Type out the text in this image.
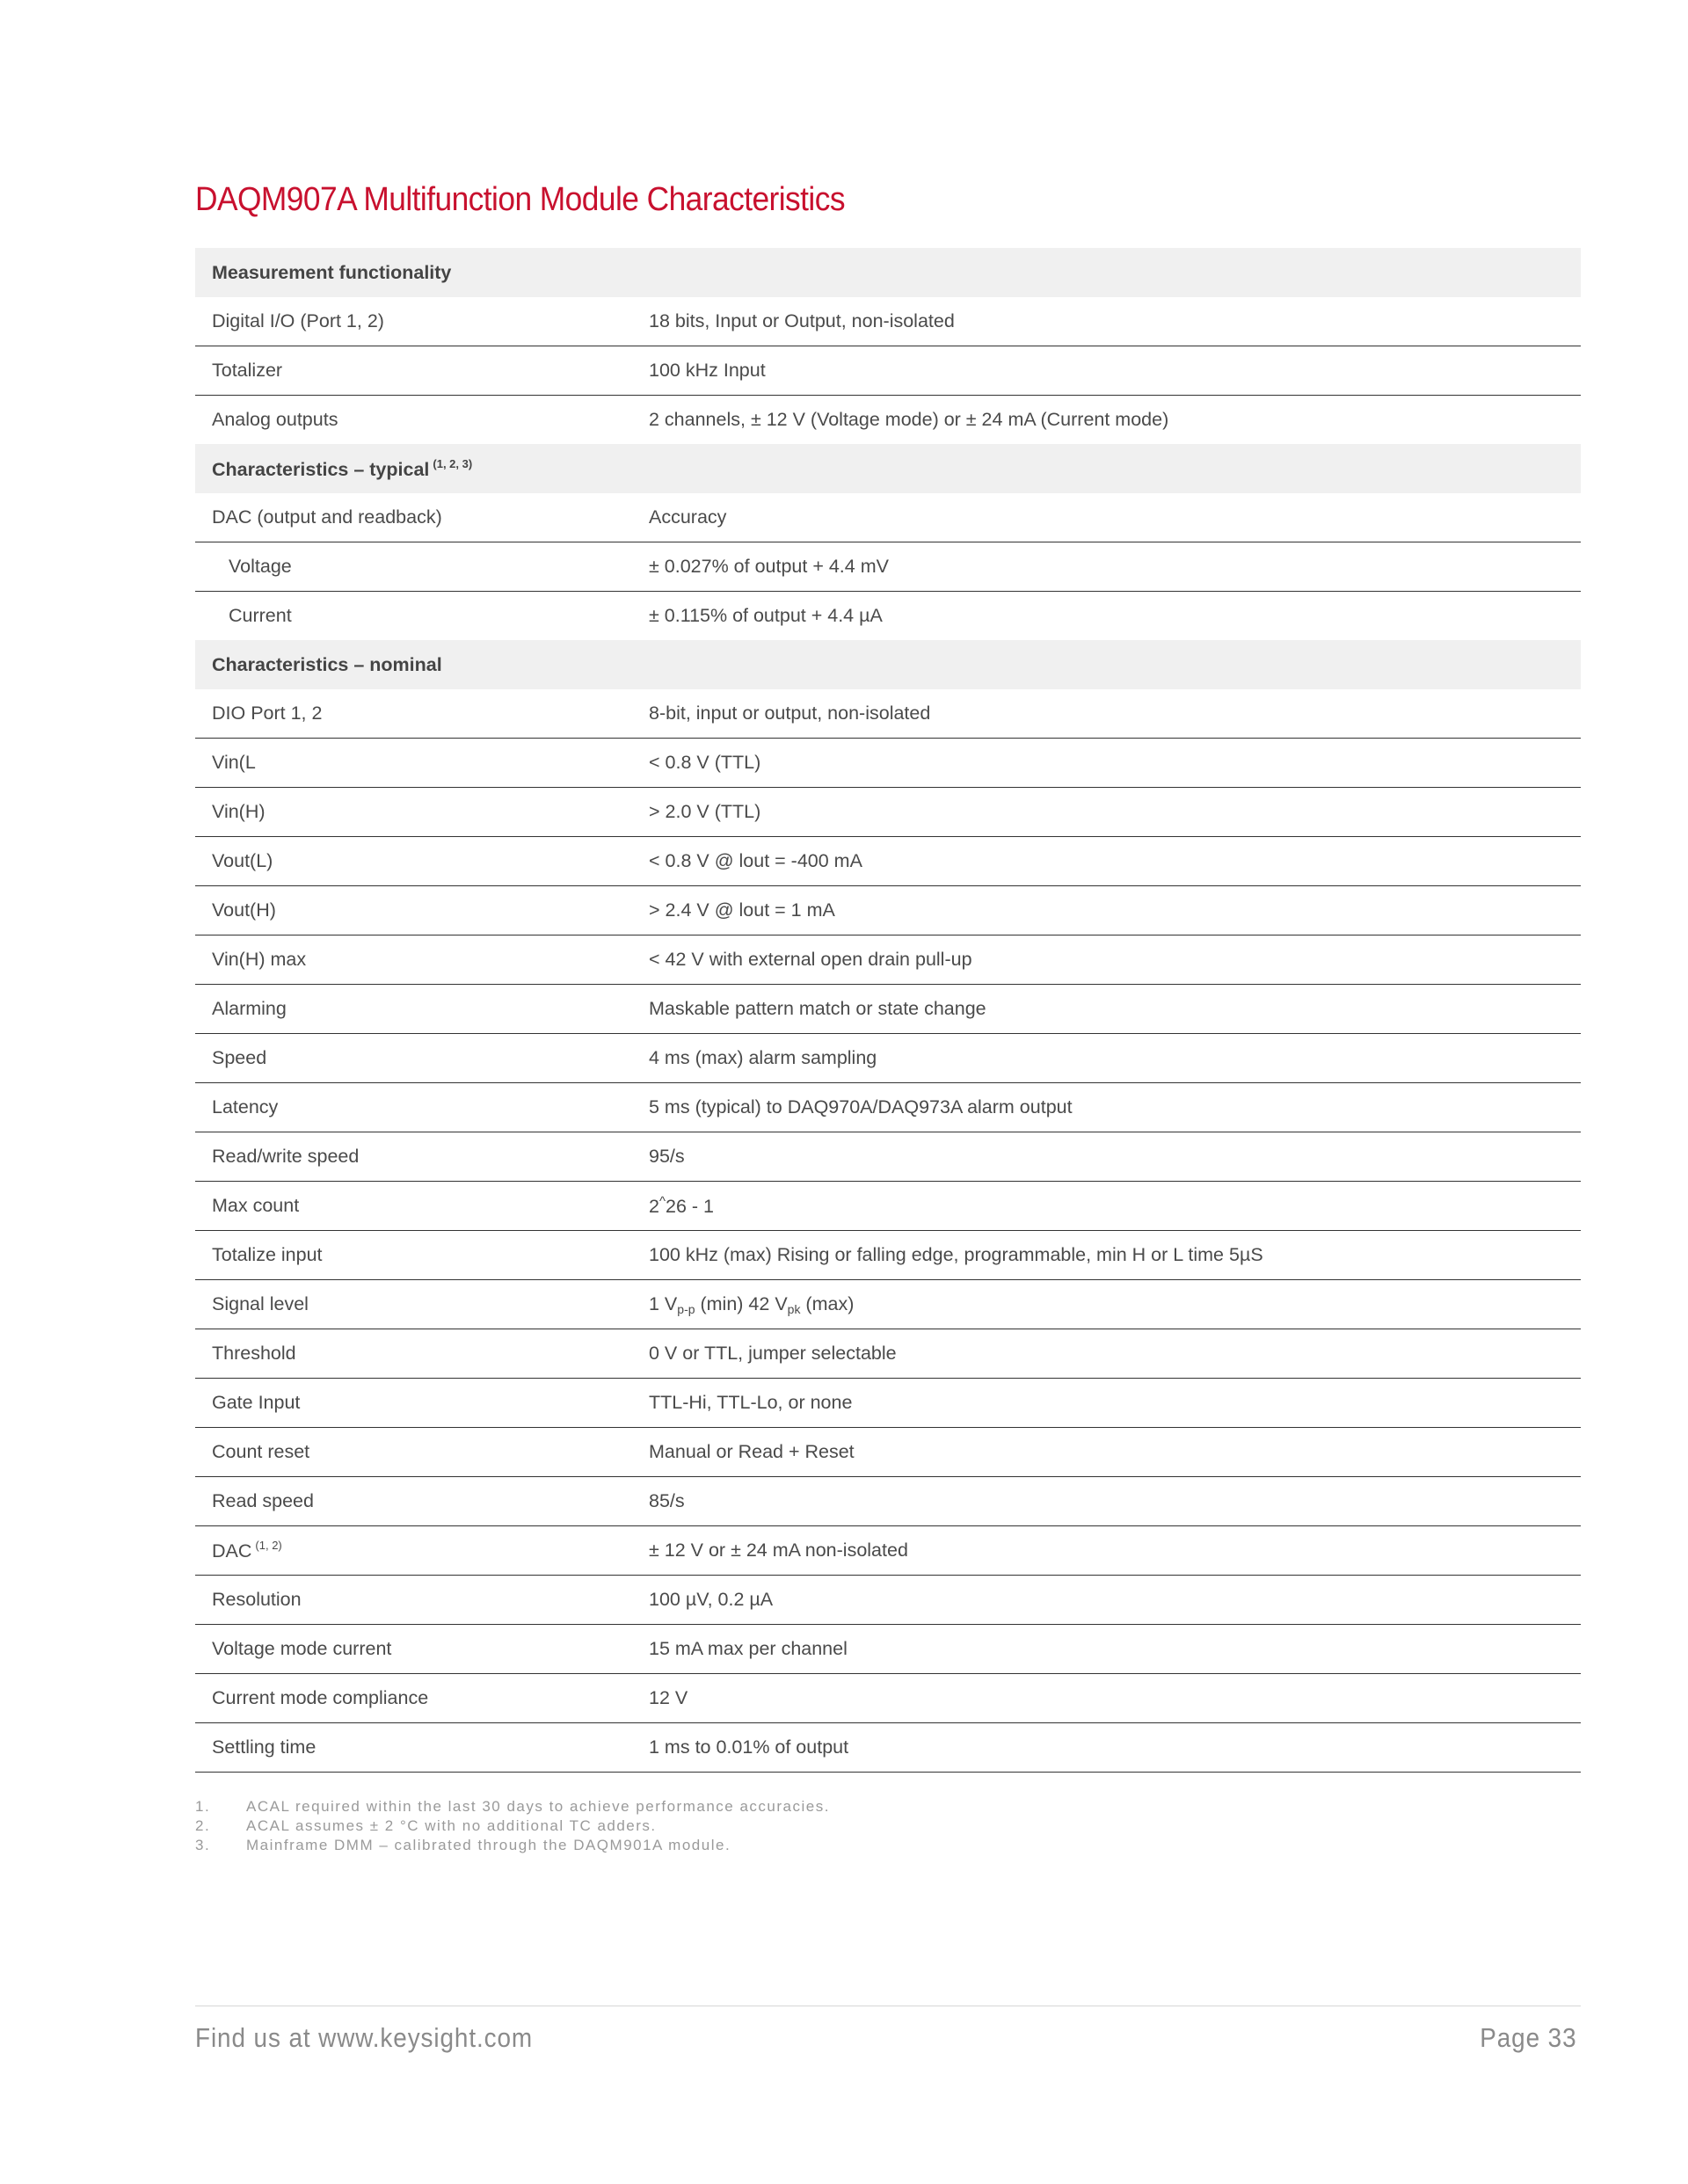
DAQM907A Multifunction Module Characteristics
Measurement functionality	
Digital I/O (Port 1, 2)	18 bits, Input or Output, non-isolated
Totalizer	100 kHz Input
Analog outputs	2 channels, ± 12 V (Voltage mode) or ± 24 mA (Current mode)
Characteristics – typical $^{(1, 2, 3)}$
DAC (output and readback)	Accuracy
Voltage	± 0.027% of output + 4.4 mV
Current	± 0.115% of output + 4.4 µA
Characteristics – nominal	
DIO Port 1, 2	8-bit, input or output, non-isolated
Vin(L	< 0.8 V (TTL)
Vin(H)	> 2.0 V (TTL)
Vout(L)	< 0.8 V @ lout = -400 mA
Vout(H)	> 2.4 V @ lout = 1 mA
Vin(H) max	< 42 V with external open drain pull-up
Alarming	Maskable pattern match or state change
Speed	4 ms (max) alarm sampling
Latency	5 ms (typical) to DAQ970A/DAQ973A alarm output
Read/write speed	95/s
Max count	2^26 - 1
Totalize input	100 kHz (max) Rising or falling edge, programmable, min H or L time 5µS
Signal level	1 $V_{p-p}$ (min) 42 $V_{pk}$ (max)
Threshold	0 V or TTL, jumper selectable
Gate Input	TTL-Hi, TTL-Lo, or none
Count reset	Manual or Read + Reset
Read speed	85/s
DAC $^{(1, 2)}$	± 12 V or ± 24 mA non-isolated
Resolution	100 µV, 0.2 µA
Voltage mode current	15 mA max per channel
Current mode compliance	12 V
Settling time	1 ms to 0.01% of output
1.	ACAL required within the last 30 days to achieve performance accuracies.
2.	ACAL assumes ± 2 °C with no additional TC adders.
3.	Mainframe DMM – calibrated through the DAQM901A module.
Find us at www.keysight.com	Page 33
